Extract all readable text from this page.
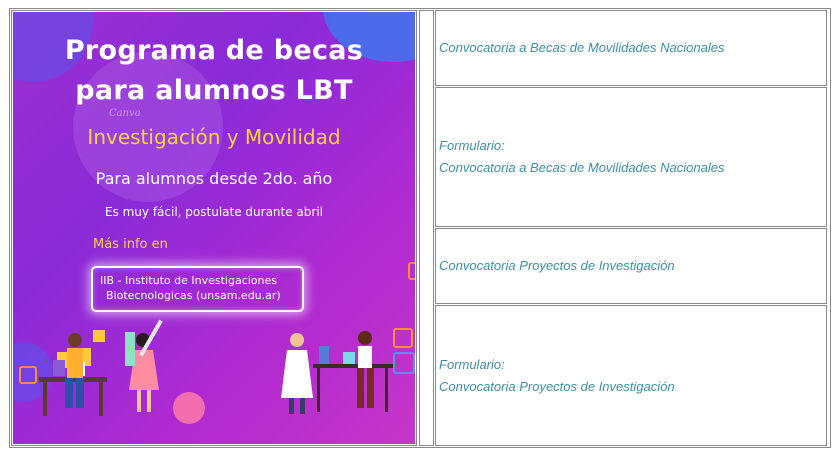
Canva
Programa de becas
para alumnos LBT
Investigación y Movilidad
Para alumnos desde 2do. año
Es muy fácil, postulate durante abril
Más info en
IIB - Instituto de Investigaciones
Biotecnologicas (unsam.edu.ar)
Convocatoria a Becas de Movilidades Nacionales
Formulario:
Convocatoria a Becas de Movilidades Nacionales
Convocatoria Proyectos de Investigación
Formulario:
Convocatoria Proyectos de Investigación
